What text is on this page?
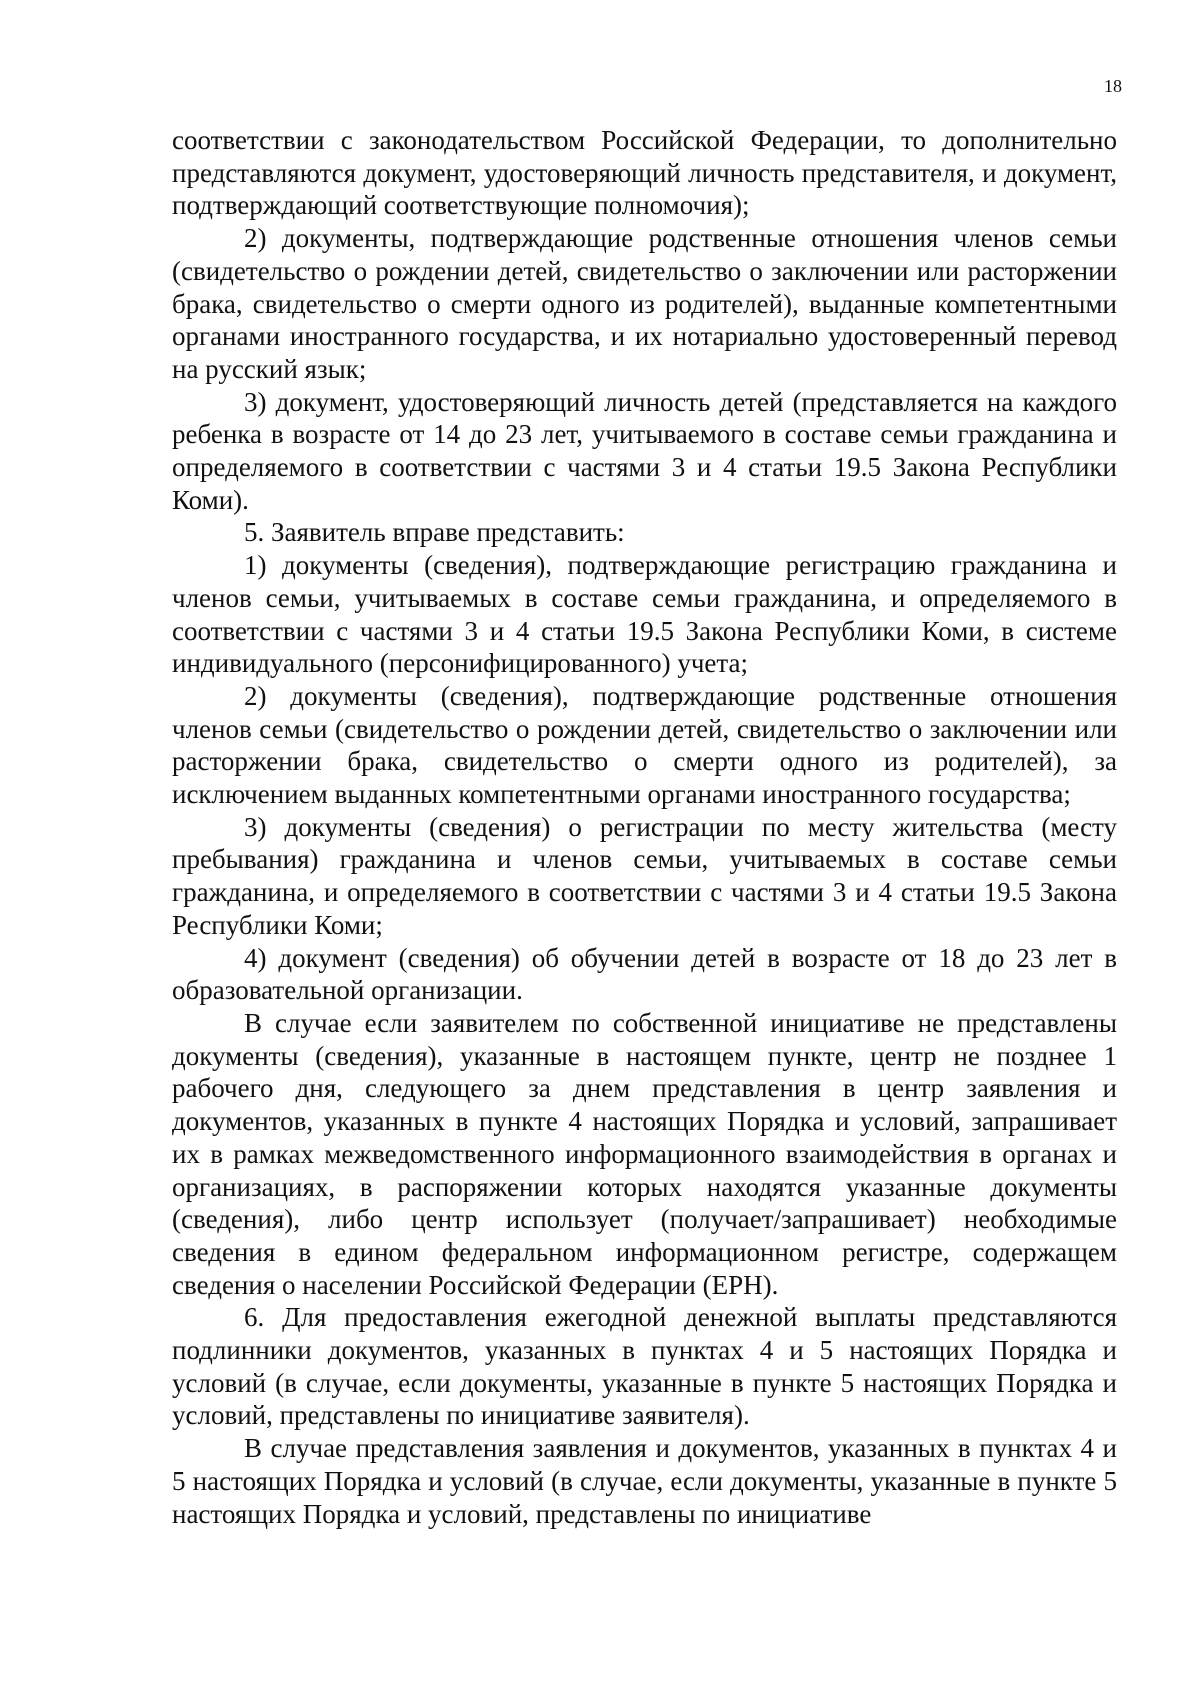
18

соответствии с законодательством Российской Федерации, то дополнительно представляются документ, удостоверяющий личность представителя, и документ, подтверждающий соответствующие полномочия);

2) документы, подтверждающие родственные отношения членов семьи (свидетельство о рождении детей, свидетельство о заключении или расторжении брака, свидетельство о смерти одного из родителей), выданные компетентными органами иностранного государства, и их нотариально удостоверенный перевод на русский язык;

3) документ, удостоверяющий личность детей (представляется на каждого ребенка в возрасте от 14 до 23 лет, учитываемого в составе семьи гражданина и определяемого в соответствии с частями 3 и 4 статьи 19.5 Закона Республики Коми).

5. Заявитель вправе представить:

1) документы (сведения), подтверждающие регистрацию гражданина и членов семьи, учитываемых в составе семьи гражданина, и определяемого в соответствии с частями 3 и 4 статьи 19.5 Закона Республики Коми, в системе индивидуального (персонифицированного) учета;

2) документы (сведения), подтверждающие родственные отношения членов семьи (свидетельство о рождении детей, свидетельство о заключении или расторжении брака, свидетельство о смерти одного из родителей), за исключением выданных компетентными органами иностранного государства;

3) документы (сведения) о регистрации по месту жительства (месту пребывания) гражданина и членов семьи, учитываемых в составе семьи гражданина, и определяемого в соответствии с частями 3 и 4 статьи 19.5 Закона Республики Коми;

4) документ (сведения) об обучении детей в возрасте от 18 до 23 лет в образовательной организации.

В случае если заявителем по собственной инициативе не представлены документы (сведения), указанные в настоящем пункте, центр не позднее 1 рабочего дня, следующего за днем представления в центр заявления и документов, указанных в пункте 4 настоящих Порядка и условий, запрашивает их в рамках межведомственного информационного взаимодействия в органах и организациях, в распоряжении которых находятся указанные документы (сведения), либо центр использует (получает/запрашивает) необходимые сведения в едином федеральном информационном регистре, содержащем сведения о населении Российской Федерации (ЕРН).

6. Для предоставления ежегодной денежной выплаты представляются подлинники документов, указанных в пунктах 4 и 5 настоящих Порядка и условий (в случае, если документы, указанные в пункте 5 настоящих Порядка и условий, представлены по инициативе заявителя).

В случае представления заявления и документов, указанных в пунктах 4 и 5 настоящих Порядка и условий (в случае, если документы, указанные в пункте 5 настоящих Порядка и условий, представлены по инициативе
